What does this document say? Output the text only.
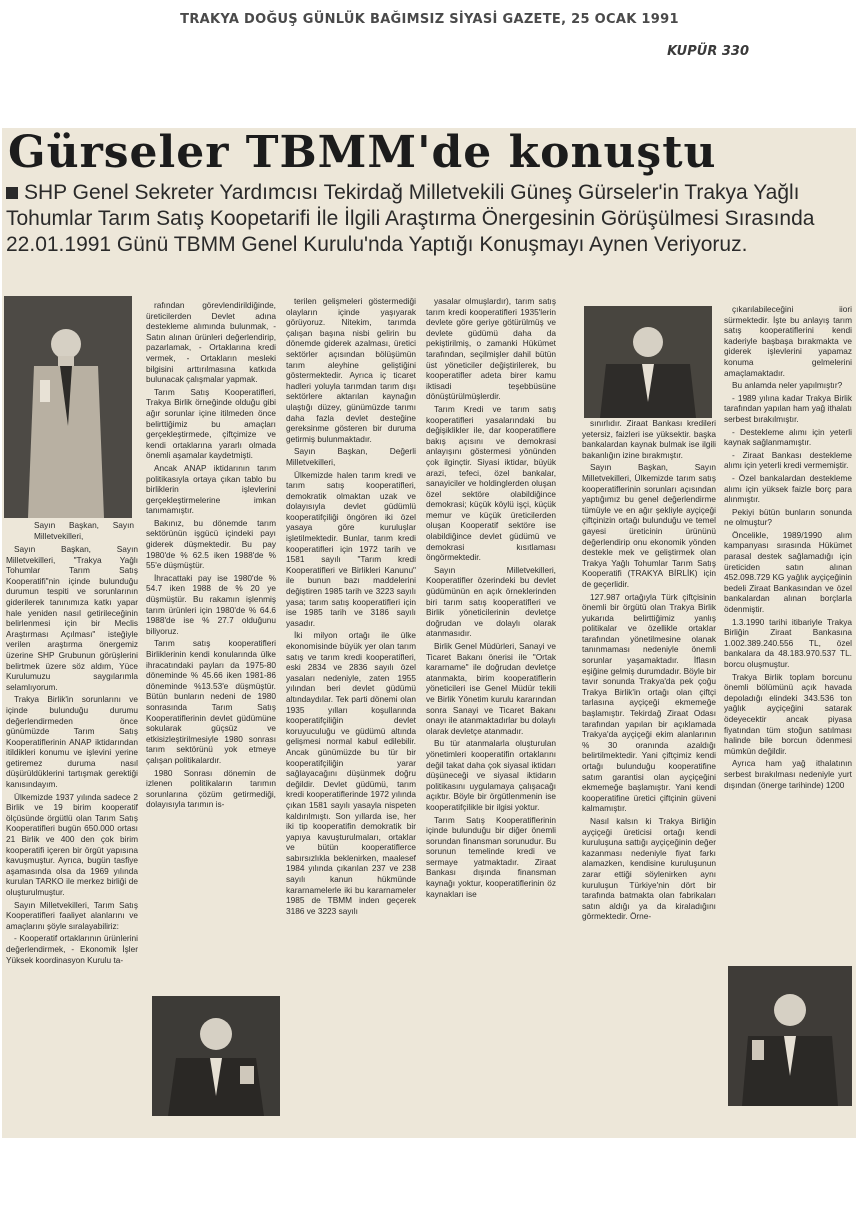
TRAKYA DOĞUŞ GÜNLÜK BAĞIMSIZ SİYASİ GAZETE, 25 OCAK 1991
KUPÜR 330
Gürseler TBMM'de konuştu
SHP Genel Sekreter Yardımcısı Tekirdağ Milletvekili Güneş Gürseler'in Trakya Yağlı Tohumlar Tarım Satış Koopetarifi İle İlgili Araştırma Önergesinin Görüşülmesi Sırasında 22.01.1991 Günü TBMM Genel Kurulu'nda Yaptığı Konuşmayı Aynen Veriyoruz.
Sayın Başkan, Sayın Milletvekilleri,

Sayın Başkan, Sayın Milletvekilleri, "Trakya Yağlı Tohumlar Tarım Satış Kooperatifi"nin içinde bulunduğu durumun tespiti ve sorunlarının giderilerek tanınımıza katkı yapar hale yeniden nasıl getirileceğinin belirlenmesi için bir Meclis Araştırması Açılması" isteğiyle verilen araştırma önergemiz üzerine SHP Grubunun görüşlerini belirtmek üzere söz aldım, Yüce Kurulumuzu saygılarımla selamlıyorum.

Trakya Birlik'in sorunlarını ve içinde bulunduğu durumu değerlendirmeden önce günümüzde Tarım Satış Kooperatiflerinin ANAP iktidarından itildikleri konumu ve işlevini yerine getiremez duruma nasıl düşürüldüklerini tartışmak gerektiği kanısındayım.

Ülkemizde 1937 yılında sadece 2 Birlik ve 19 birim kooperatif ölçüsünde örgütlü olan Tarım Satış Kooperatifleri bugün 650.000 ortası 21 Birlik ve 400 den çok birim kooperatifi içeren bir örgüt yapısına kavuşmuştur. Ayrıca, bugün tasfiye aşamasında olsa da 1969 yılında kurulan TARKO ile merkez birliği de oluşturulmuştur.

Sayın Milletvekilleri, Tarım Satış Kooperatifleri faaliyet alanlarını ve amaçlarını şöyle sıralayabiliriz:

- Kooperatif ortaklarının ürünlerini değerlendirmek, - Ekonomik İşler Yüksek koordinasyon Kurulu ta-

rafından görevlendirildiğinde, üreticilerden Devlet adına destekleme alımında bulunmak, - Satın alınan ürünleri değerlendirip, pazarlamak, - Ortaklarına kredi vermek, - Ortakların mesleki bilgisini arttırılmasına katkıda bulunacak çalışmalar yapmak.

Tarım Satış Kooperatifleri, Trakya Birlik örneğinde olduğu gibi ağır sorunlar içine itilmeden önce belirttiğimiz bu amaçları gerçekleştirmede, çiftçimize ve kendi ortaklarına yararlı olmada önemli aşamalar kaydetmişti.

Ancak ANAP iktidarının tarım politikasıyla ortaya çıkan tablo bu birliklerin işlevlerini gerçekleştirmelerine imkan tanımamıştır.

Bakınız, bu dönemde tarım sektörünün işgücü içindeki payı giderek düşmektedir. Bu pay 1980'de % 62.5 iken 1988'de % 55'e düşmüştür.

İhracattaki pay ise 1980'de % 54.7 iken 1988 de % 20 ye düşmüştür. Bu rakamın işlenmiş tarım ürünleri için 1980'de % 64.6 1988'de ise % 27.7 olduğunu biliyoruz.

Tarım satış kooperatifleri Birliklerinin kendi konularında ülke ihracatındaki payları da 1975-80 döneminde % 45.66 iken 1981-86 döneminde %13.53'e düşmüştür. Bütün bunların nedeni de 1980 sonrasında Tarım Satış Kooperatiflerinin devlet güdümüne sokularak güçsüz ve etkisizleştirilmesiyle 1980 sonrası tarım sektörünü yok etmeye çalışan politikalardır.

1980 Sonrası dönemin de izlenen politikaların tarımın sorunlarına çözüm getirmediği, dolayısıyla tarımın is-

terilen gelişmeleri göstermediği olayların içinde yaşıyarak görüyoruz. Nitekim, tarımda çalışan başına nisbi gelirin bu dönemde giderek azalması, üretici sektörler açısından bölüşümün tarım aleyhine geliştiğini göstermektedir. Ayrıca iç ticaret hadleri yoluyla tarımdan tarım dışı sektörlere aktarılan kaynağın ulaştığı düzey, günümüzde tarımı daha fazla devlet desteğine gereksinme gösteren bir duruma getirmiş bulunmaktadır.

Sayın Başkan, Değerli Milletvekilleri,

Ülkemizde halen tarım kredi ve tarım satış kooperatifleri, demokratik olmaktan uzak ve dolayısıyla devlet güdümlü kooperatifçiliği öngören iki özel yasaya göre kuruluşlar işletilmektedir. Bunlar, tarım kredi kooperatifleri için 1972 tarih ve 1581 sayılı "Tarım kredi Kooperatifleri ve Birlikleri Kanunu" ile bunun bazı maddelerini değiştiren 1985 tarih ve 3223 sayılı yasa; tarım satış kooperatifleri için ise 1985 tarih ve 3186 sayılı yasadır.

İki milyon ortağı ile ülke ekonomisinde büyük yer olan tarım satış ve tarım kredi kooperatifleri, eski 2834 ve 2836 sayılı özel yasaları nedeniyle, zaten 1955 yılından beri devlet güdümü altındaydılar. Tek parti dönemi olan 1935 yılları koşullarında kooperatifçiliğin devlet koruyuculuğu ve güdümü altında gelişmesi normal kabul edilebilir. Ancak günümüzde bu tür bir kooperatifçiliğin yarar sağlayacağını düşünmek doğru değildir. Devlet güdümü, tarım kredi kooperatiflerinde 1972 yılında çıkan 1581 sayılı yasayla nispeten kaldırılmıştı. Son yıllarda ise, her iki tip kooperatifin demokratik bir yapıya kavuşturulmaları, ortaklar ve bütün kooperatiflerce sabırsızlıkla beklenirken, maalesef 1984 yılında çıkarılan 237 ve 238 sayılı kanun hükmünde kararnamelerle iki bu kararnameler 1985 de TBMM inden geçerek 3186 ve 3223 sayılı

yasalar olmuşlardır), tarım satış tarım kredi kooperatifleri 1935'lerin devlete göre geriye götürülmüş ve devlete güdümü daha da pekiştirilmiş, o zamanki Hükümet tarafından, seçilmişler dahil bütün üst yöneticiler değiştirilerek, bu kooperatifler adeta birer kamu iktisadi teşebbüsüne dönüştürülmüşlerdir.

Tarım Kredi ve tarım satış kooperatifleri yasalarındaki bu değişiklikler ile, dar kooperatiflere bakış açısını ve demokrasi anlayışını göstermesi yönünden çok ilginçtir. Siyasi iktidar, büyük arazi, tefeci, özel bankalar, sanayiciler ve holdinglerden oluşan özel sektöre olabildiğince demokrasi; küçük köylü işçi, küçük memur ve küçük üreticilerden oluşan Kooperatif sektöre ise olabildiğince devlet güdümü ve demokrasi kısıtlaması öngörmektedir.

Sayın Milletvekilleri, Kooperatifler özerindeki bu devlet güdümünün en açık örneklerinden biri tarım satış kooperatifleri ve Birlik yöneticilerinin devletçe doğrudan ve dolaylı olarak atanmasıdır.

Birlik Genel Müdürleri, Sanayi ve Ticaret Bakanı önerisi ile "Ortak kararname" ile doğrudan devletçe atanmakta, birim kooperatiflerin yöneticileri ise Genel Müdür tekili ve Birlik Yönetim kurulu kararından sonra Sanayi ve Ticaret Bakanı onayı ile atanmaktadırlar bu dolaylı olarak devletçe atanmadır.

Bu tür atanmalarla oluşturulan yönetimleri kooperatifin ortaklarını değil takat daha çok siyasal iktidarı düşüneceği ve siyasal iktidarın politikasını uygulamaya çalışacağı açıktır. Böyle bir örgütlenmenin ise kooperatifçilikle bir ilgisi yoktur.

Tarım Satış Kooperatiflerinin içinde bulunduğu bir diğer önemli sorundan finansman sorunudur. Bu sorunun temelinde kredi ve sermaye yatmaktadır. Ziraat Bankası dışında finansman kaynağı yoktur, kooperatiflerinin öz kaynakları ise

sınırlıdır. Ziraat Bankası kredileri yetersiz, faizleri ise yüksektir. başka bankalardan kaynak bulmak ise ilgili bakanlığın izine bırakmıştır.

Sayın Başkan, Sayın Milletvekilleri, Ülkemizde tarım satış kooperatiflerinin sorunları açısından yaptığımız bu genel değerlendirme tümüyle ve en ağır şekliyle ayçiçeği çiftçinizin ortağı bulunduğu ve temel gayesi üreticinin ürününü değerlendirip onu ekonomik yönden destekle mek ve geliştirmek olan Trakya Yağlı Tohumlar Tarım Satış Kooperatifi (TRAKYA BİRLİK) için de geçerlidir.

127.987 ortağıyla Türk çiftçisinin önemli bir örgütü olan Trakya Birlik yukarıda belirttiğimiz yanlış politikalar ve özellikle ortaklar tarafından yönetilmesine olanak tanınmaması nedeniyle önemli sorunlar yaşamaktadır. İflasın eşiğine gelmiş durumdadır. Böyle bir tavır sonunda Trakya'da pek çoğu Trakya Birlik'in ortağı olan çiftçi tarlasına ayçiçeği ekmemeğe başlamıştır. Tekirdağ Ziraat Odası tarafından yapılan bir açıklamada Trakya'da ayçiçeği ekim alanlarının % 30 oranında azaldığı belirtilmektedir. Yani çiftçimiz kendi ortağı bulunduğu kooperatifine satım garantisi olan ayçiçeğini ekmemeğe başlamıştır. Yani kendi kooperatifine üretici çiftçinin güveni kalmamıştır.

Nasıl kalsın ki Trakya Birliğin ayçiçeği üreticisi ortağı kendi kuruluşuna sattığı ayçiçeğinin değer kazanması nedeniyle fiyat farkı alamazken, kendisine kuruluşunun zarar ettiği söylenirken aynı kuruluşun Türkiye'nin dört bir tarafında batmakta olan fabrikaları satın aldığı ya da kiraladığını görmektedir. Örne-

çıkarılabileceğini iiori sürmektedir. İşte bu anlayış tarım satış kooperatiflerini kendi kaderiyle başbaşa bırakmakta ve giderek işlevlerini yapamaz konuma gelmelerini amaçlamaktadır.

Bu anlamda neler yapılmıştır?

- 1989 yılına kadar Trakya Birlik tarafından yapılan ham yağ ithalatı serbest bırakılmıştır.

- Destekleme alımı için yeterli kaynak sağlanmamıştır.

- Ziraat Bankası destekleme alımı için yeterli kredi vermemiştir.

- Özel bankalardan destekleme alımı için yüksek faizle borç para alınmıştır.

Pekiyi bütün bunların sonunda ne olmuştur?

Öncelikle, 1989/1990 alım kampanyası sırasında Hükümet parasal destek sağlamadığı için üreticiden satın alınan 452.098.729 KG yağlık ayçiçeğinin bedeli Ziraat Bankasından ve özel bankalardan alınan borçlarla ödenmiştir.

1.3.1990 tarihi itibariyle Trakya Birliğin Ziraat Bankasına 1.002.389.240.556 TL, özel bankalara da 48.183.970.537 TL. borcu oluşmuştur.

Trakya Birlik toplam borcunu önemli bölümünü açık havada depoladığı elindeki 343.536 ton yağlık ayçiçeğini satarak ödeyecektir ancak piyasa fiyatından tüm stoğun satılması halinde bile borcun ödenmesi mümkün değildir.

Ayrıca ham yağ ithalatının serbest bırakılması nedeniyle yurt dışından (önerge tarihinde) 1200
